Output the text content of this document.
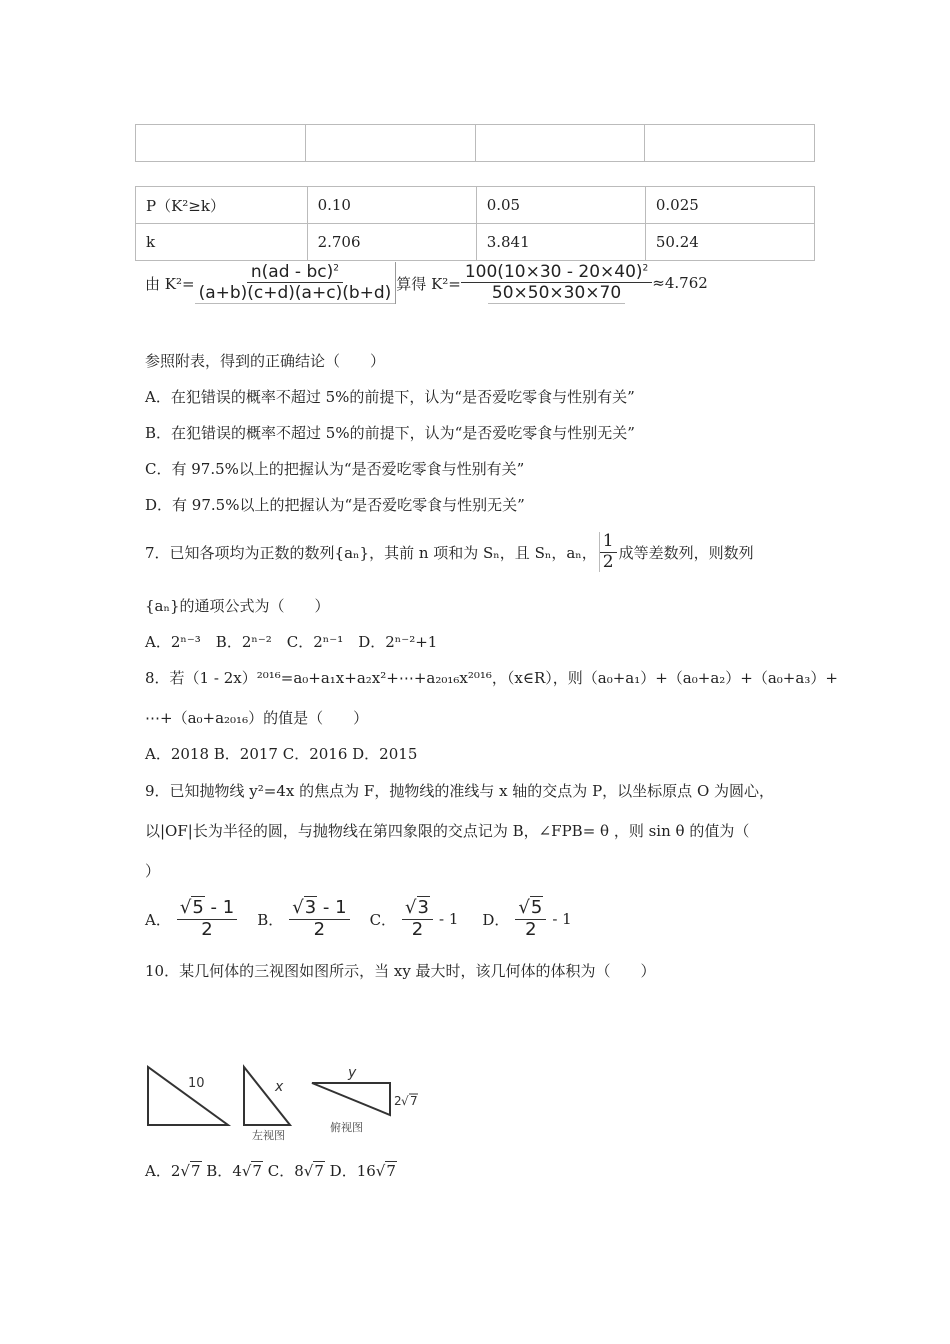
P（K²≥k）	0.10	0.05	0.025
k	2.706	3.841	50.24
由 $K^2= \frac{n(ad - bc)^2}{(a+b)(c+d)(a+c)(b+d)}$ 算得 $K^2= \frac{100(10\times 30 - 20\times 40)^2}{50\times 50\times 30\times 70} \approx 4.762$
参照附表，得到的正确结论（　　）
A．在犯错误的概率不超过 5%的前提下，认为“是否爱吃零食与性别有关”
B．在犯错误的概率不超过 5%的前提下，认为“是否爱吃零食与性别无关”
C．有 97.5%以上的把握认为“是否爱吃零食与性别有关”
D．有 97.5%以上的把握认为“是否爱吃零食与性别无关”
7．已知各项均为正数的数列{aₙ}，其前 n 项和为 Sₙ，且 Sₙ，aₙ， $\frac{1}{2}$ 成等差数列，则数列
{aₙ}的通项公式为（　　）
A．2ⁿ⁻³　B．2ⁿ⁻²　C．2ⁿ⁻¹　D．2ⁿ⁻²+1
8．若（1 - 2x）²⁰¹⁶=a₀+a₁x+a₂x²+⋯+a₂₀₁₆x²⁰¹⁶，（x∈R），则（a₀+a₁）+（a₀+a₂）+（a₀+a₃）+
⋯+（a₀+a₂₀₁₆）的值是（　　）
A．2018 B．2017 C．2016 D．2015
9．已知抛物线 y²=4x 的焦点为 F，抛物线的准线与 x 轴的交点为 P，以坐标原点 O 为圆心，
以|OF|长为半径的圆，与抛物线在第四象限的交点记为 B，∠FPB= θ ，则 sin θ 的值为（
）
A． $\frac{√5 - 1}{2}$ B． $\frac{√3 - 1}{2}$ C． $\frac{√3}{2} - 1$ D． $\frac{√5}{2} - 1$
10．某几何体的三视图如图所示，当 xy 最大时，该几何体的体积为（　　）
10	x
左视图
y
俯视图
2 √ 7
A．2√7 B．4√7 C．8√7 D．16√7
